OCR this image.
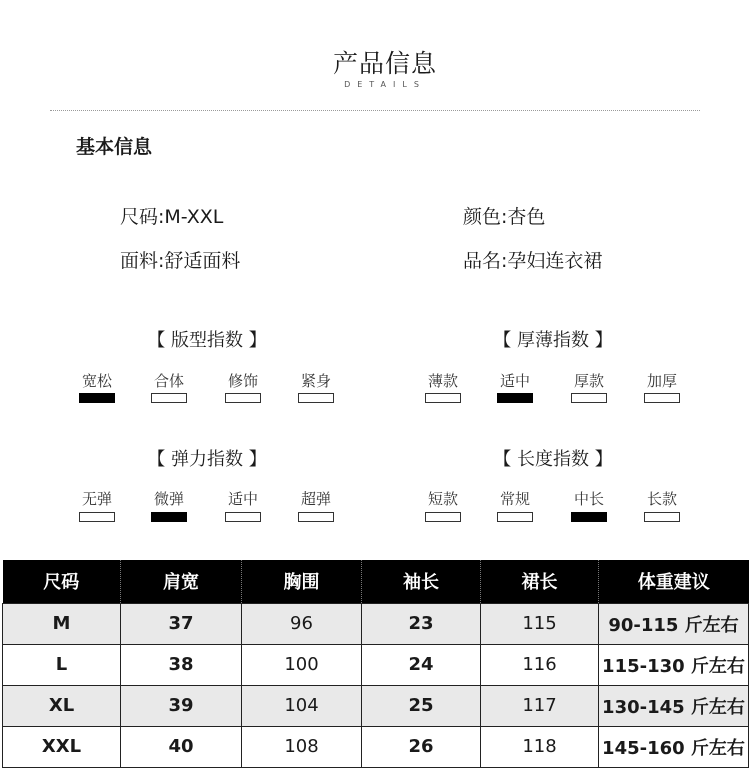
产品信息
DETAILS
基本信息
尺码:M-XXL	颜色:杏色
面料:舒适面料	品名:孕妇连衣裙
【 版型指数 】
宽松	合体	修饰	紧身
【 厚薄指数 】
薄款	适中	厚款	加厚
【 弹力指数 】
无弹	微弹	适中	超弹
【 长度指数 】
短款	常规	中长	长款
尺码	肩宽	胸围	袖长	裙长	体重建议
M	37	96	23	115	90-115 斤左右
L	38	100	24	116	115-130 斤左右
XL	39	104	25	117	130-145 斤左右
XXL	40	108	26	118	145-160 斤左右
